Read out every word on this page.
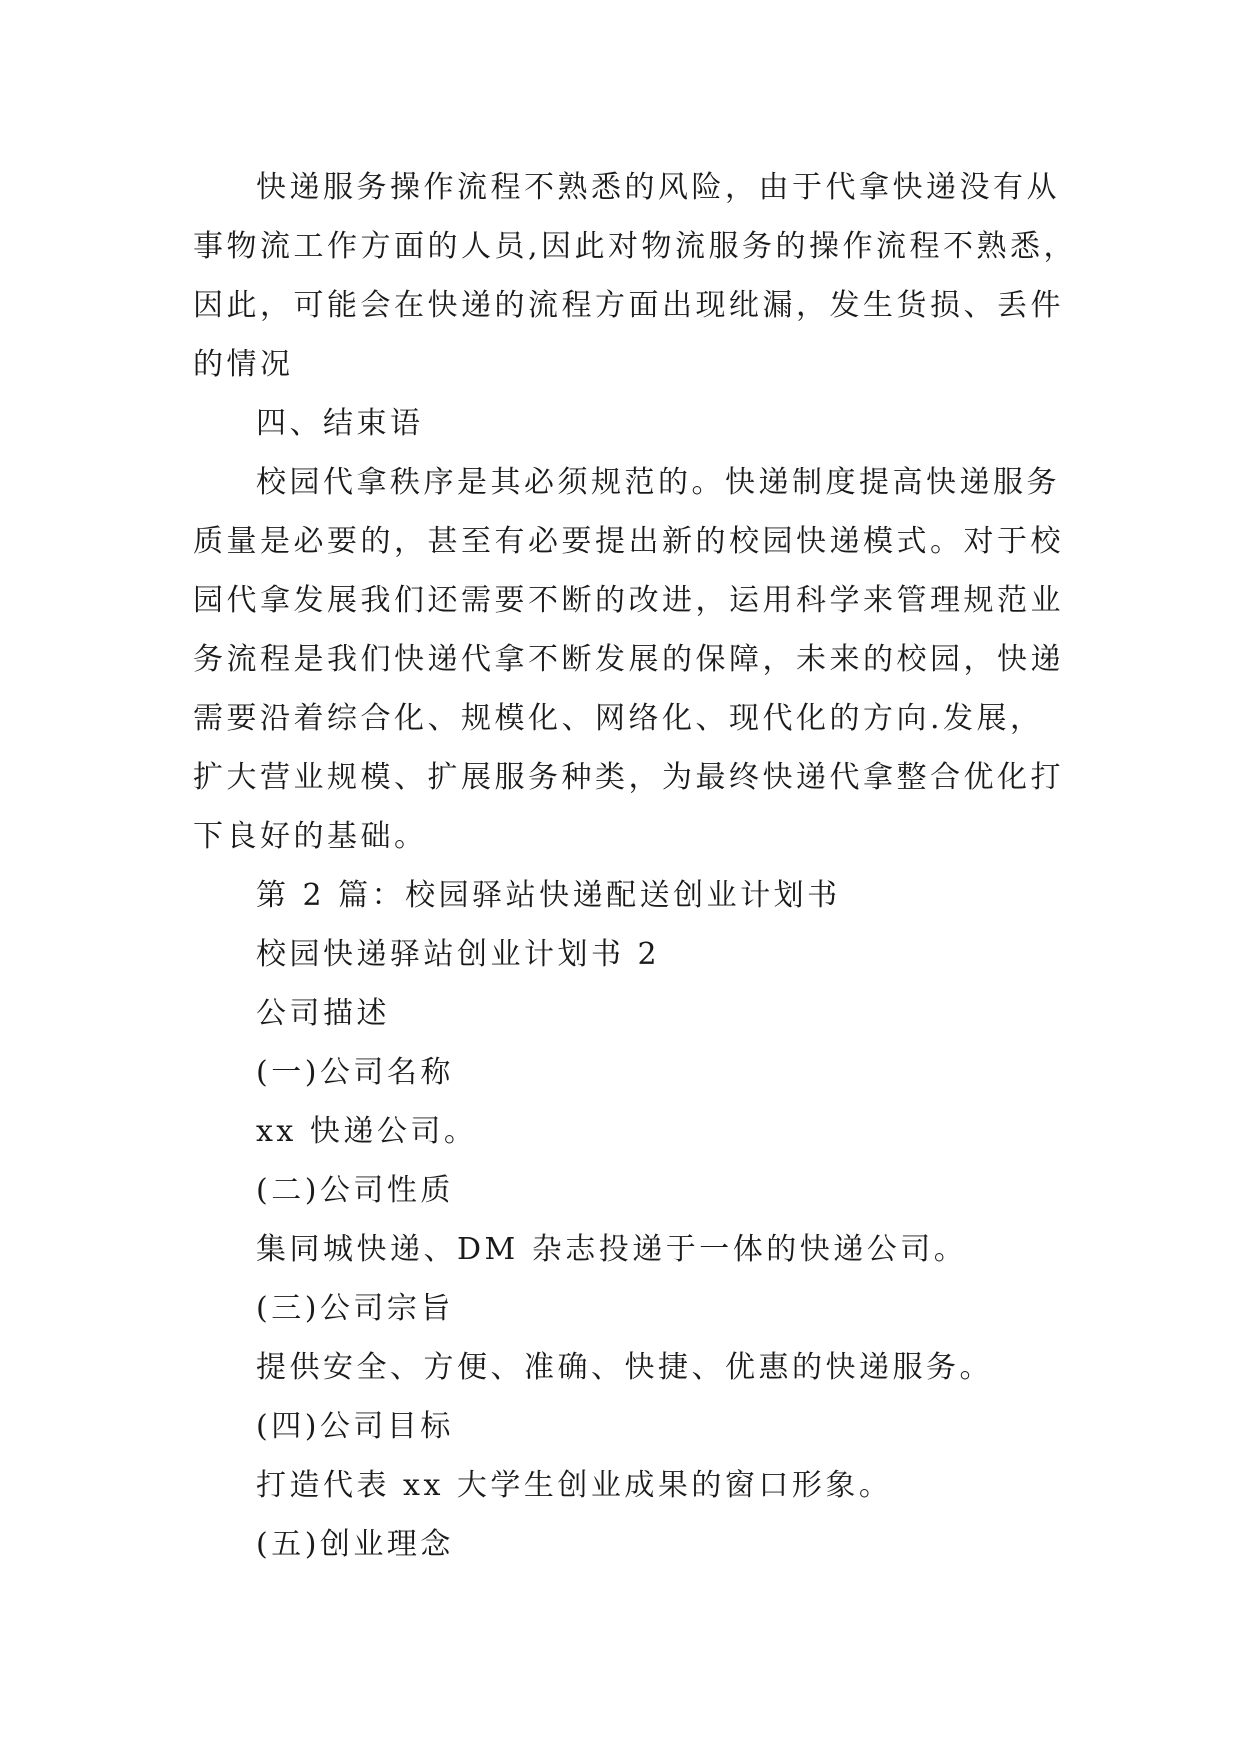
快递服务操作流程不熟悉的风险，由于代拿快递没有从
事物流工作方面的人员,因此对物流服务的操作流程不熟悉，
因此，可能会在快递的流程方面出现纰漏，发生货损、丢件
的情况
四、结束语
校园代拿秩序是其必须规范的。快递制度提高快递服务
质量是必要的，甚至有必要提出新的校园快递模式。对于校
园代拿发展我们还需要不断的改进，运用科学来管理规范业
务流程是我们快递代拿不断发展的保障，未来的校园，快递
需要沿着综合化、规模化、网络化、现代化的方向.发展，
扩大营业规模、扩展服务种类，为最终快递代拿整合优化打
下良好的基础。
第 2 篇：校园驿站快递配送创业计划书
校园快递驿站创业计划书 2
公司描述
(一)公司名称
xx 快递公司。
(二)公司性质
集同城快递、DM 杂志投递于一体的快递公司。
(三)公司宗旨
提供安全、方便、准确、快捷、优惠的快递服务。
(四)公司目标
打造代表 xx 大学生创业成果的窗口形象。
(五)创业理念
